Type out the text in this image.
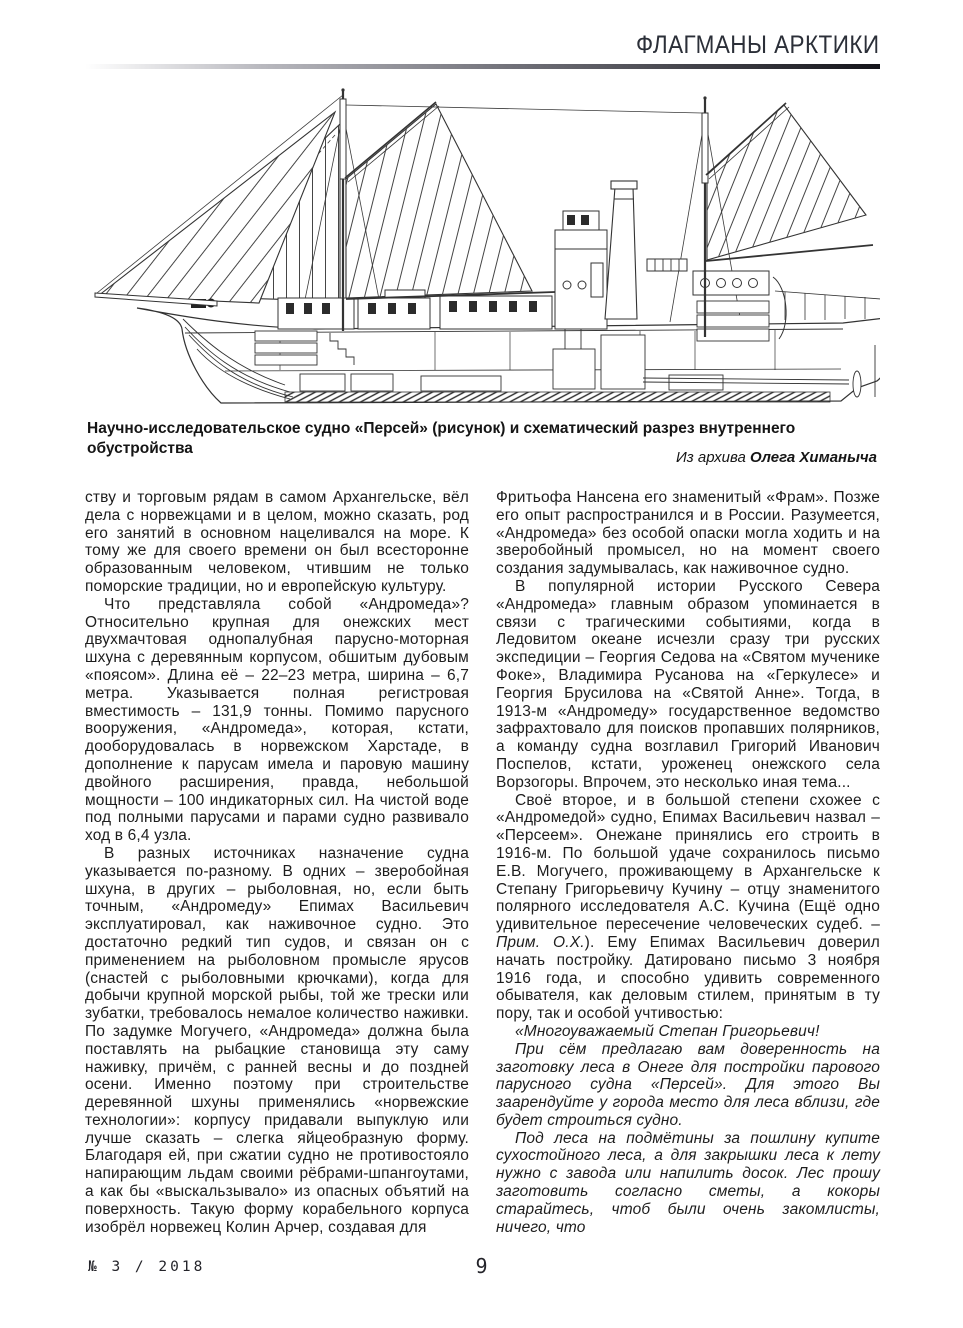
ФЛАГМАНЫ АРКТИКИ
Научно-исследовательское судно «Персей» (рисунок) и схематический разрез внутреннего обустройства
Из архива Олега Химаныча

ству и торговым рядам в самом Архангельске, вёл дела с норвежцами и в целом, можно сказать, род его занятий в основном нацеливался на море. К тому же для своего времени он был всесторонне образованным человеком, чтившим не только поморские традиции, но и европейскую культуру.

Что представляла собой «Андромеда»? Относительно крупная для онежских мест двухмачтовая однопалубная парусно-моторная шхуна с деревянным корпусом, обшитым дубовым «поясом». Длина её – 22–23 метра, ширина – 6,7 метра. Указывается полная регистровая вместимость – 131,9 тонны. Помимо парусного вооружения, «Андромеда», которая, кстати, дооборудовалась в норвежском Харстаде, в дополнение к парусам имела и паровую машину двойного расширения, правда, небольшой мощности – 100 индикаторных сил. На чистой воде под полными парусами и парами судно развивало ход в 6,4 узла.

В разных источниках назначение судна указывается по-разному. В одних – зверобойная шхуна, в других – рыболовная, но, если быть точным, «Андромеду» Епимах Васильевич эксплуатировал, как наживочное судно. Это достаточно редкий тип судов, и связан он с применением на рыболовном промысле ярусов (снастей с рыболовными крючками), когда для добычи крупной морской рыбы, той же трески или зубатки, требовалось немалое количество наживки. По задумке Могучего, «Андромеда» должна была поставлять на рыбацкие становища эту саму наживку, причём, с ранней весны и до поздней осени. Именно поэтому при строительстве деревянной шхуны применялись «норвежские технологии»: корпусу придавали выпуклую или лучше сказать – слегка яйцеобразную форму. Благодаря ей, при сжатии судно не противостояло напирающим льдам своими рёбрами-шпангоутами, а как бы «выскальзывало» из опасных объятий на поверхность. Такую форму корабельного корпуса изобрёл норвежец Колин Арчер, создавая для

Фритьофа Нансена его знаменитый «Фрам». Позже его опыт распространился и в России. Разумеется, «Андромеда» без особой опаски могла ходить и на зверобойный промысел, но на момент своего создания задумывалась, как наживочное судно.

В популярной истории Русского Севера «Андромеда» главным образом упоминается в связи с трагическими событиями, когда в Ледовитом океане исчезли сразу три русских экспедиции – Георгия Седова на «Святом мученике Фоке», Владимира Русанова на «Геркулесе» и Георгия Брусилова на «Святой Анне». Тогда, в 1913-м «Андромеду» государственное ведомство зафрахтовало для поисков пропавших полярников, а команду судна возглавил Григорий Иванович Поспелов, кстати, уроженец онежского села Ворзогоры. Впрочем, это несколько иная тема...

Своё второе, и в большой степени схожее с «Андромедой» судно, Епимах Васильевич назвал – «Персеем». Онежане принялись его строить в 1916-м. По большой удаче сохранилось письмо Е.В. Могучего, проживающему в Архангельске к Степану Григорьевичу Кучину – отцу знаменитого полярного исследователя А.С. Кучина (Ещё одно удивительное пересечение человеческих судеб. – Прим. О.Х.). Ему Епимах Васильевич доверил начать постройку. Датировано письмо 3 ноября 1916 года, и способно удивить современного обывателя, как деловым стилем, принятым в ту пору, так и особой учтивостью:

«Многоуважаемый Степан Григорьевич!

При сём предлагаю вам доверенность на заготовку леса в Онеге для постройки парового парусного судна «Персей». Для этого Вы заарендуйте у города место для леса вблизи, где будет строиться судно.

Под леса на подмётины за пошлину купите сухостойного леса, а для закрышки леса к лету нужно с завода или напилить досок. Лес прошу заготовить согласно сметы, а кокоры старайтесь, чтоб были очень закомлисты, ничего, что

№ 3 / 2018	9
